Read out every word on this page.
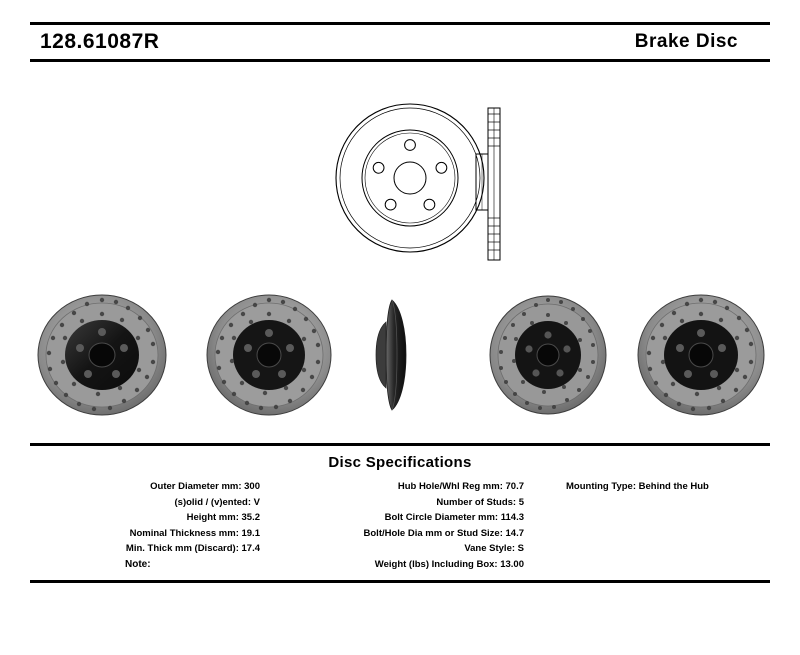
128.61087R	Brake Disc
Disc Specifications
Outer Diameter mm: 300
(s)olid / (v)ented: V
Height mm: 35.2
Nominal Thickness mm: 19.1
Min. Thick mm (Discard): 17.4
Hub Hole/Whl Reg mm: 70.7
Number of Studs: 5
Bolt Circle Diameter mm: 114.3
Bolt/Hole Dia mm or Stud Size: 14.7
Vane Style: S
Weight (lbs) Including Box: 13.00
Mounting Type: Behind the Hub
Note:
